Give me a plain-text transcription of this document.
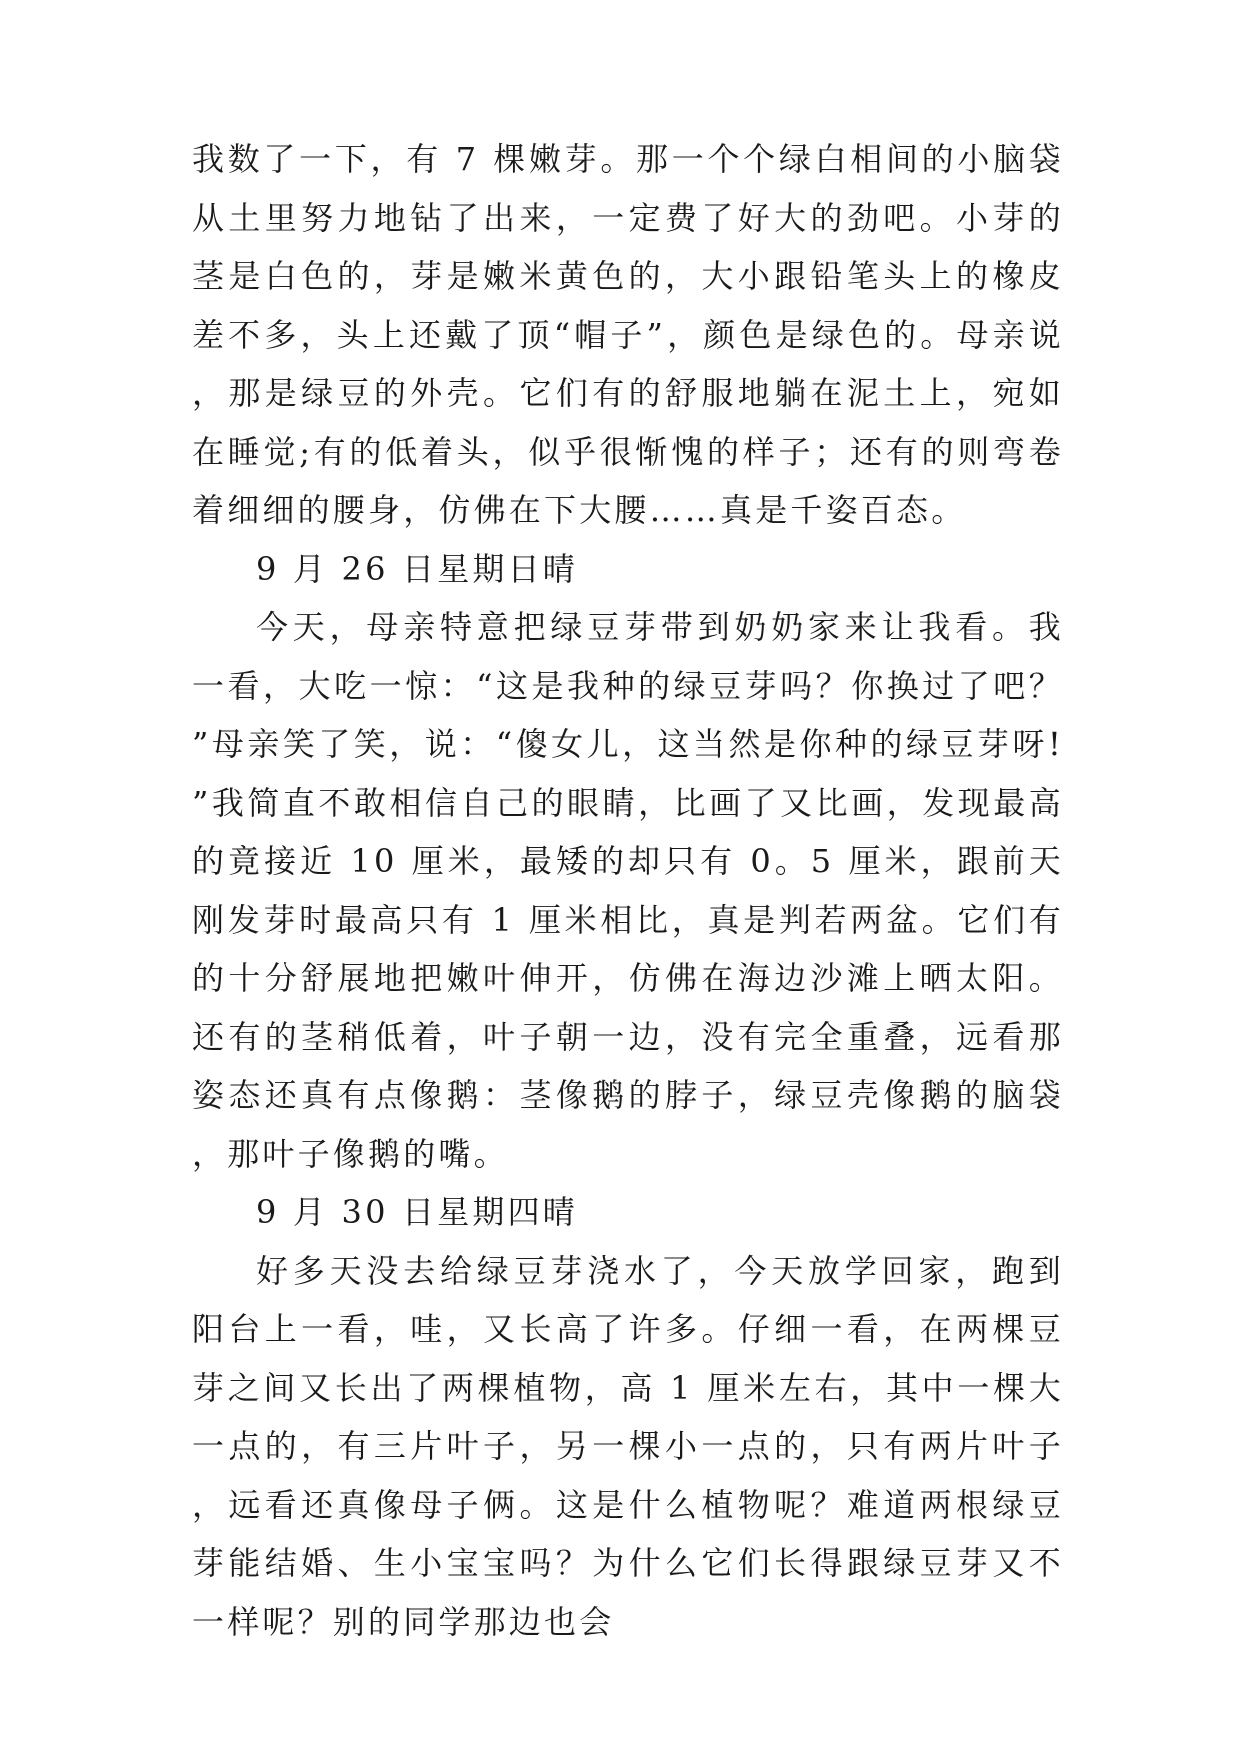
我数了一下，有 7 棵嫩芽。那一个个绿白相间的小脑袋从土里努力地钻了出来，一定费了好大的劲吧。小芽的茎是白色的，芽是嫩米黄色的，大小跟铅笔头上的橡皮差不多，头上还戴了顶“帽子”，颜色是绿色的。母亲说，那是绿豆的外壳。它们有的舒服地躺在泥土上，宛如在睡觉;有的低着头，似乎很惭愧的样子；还有的则弯卷着细细的腰身，仿佛在下大腰……真是千姿百态。

9 月 26 日星期日晴

今天，母亲特意把绿豆芽带到奶奶家来让我看。我一看，大吃一惊：“这是我种的绿豆芽吗？你换过了吧？”母亲笑了笑，说：“傻女儿，这当然是你种的绿豆芽呀!”我简直不敢相信自己的眼睛，比画了又比画，发现最高的竟接近 10 厘米，最矮的却只有 0。5 厘米，跟前天刚发芽时最高只有 1 厘米相比，真是判若两盆。它们有的十分舒展地把嫩叶伸开，仿佛在海边沙滩上晒太阳。还有的茎稍低着，叶子朝一边，没有完全重叠，远看那姿态还真有点像鹅：茎像鹅的脖子，绿豆壳像鹅的脑袋，那叶子像鹅的嘴。

9 月 30 日星期四晴

好多天没去给绿豆芽浇水了，今天放学回家，跑到阳台上一看，哇，又长高了许多。仔细一看，在两棵豆芽之间又长出了两棵植物，高 1 厘米左右，其中一棵大一点的，有三片叶子，另一棵小一点的，只有两片叶子，远看还真像母子俩。这是什么植物呢？难道两根绿豆芽能结婚、生小宝宝吗？为什么它们长得跟绿豆芽又不一样呢？别的同学那边也会
